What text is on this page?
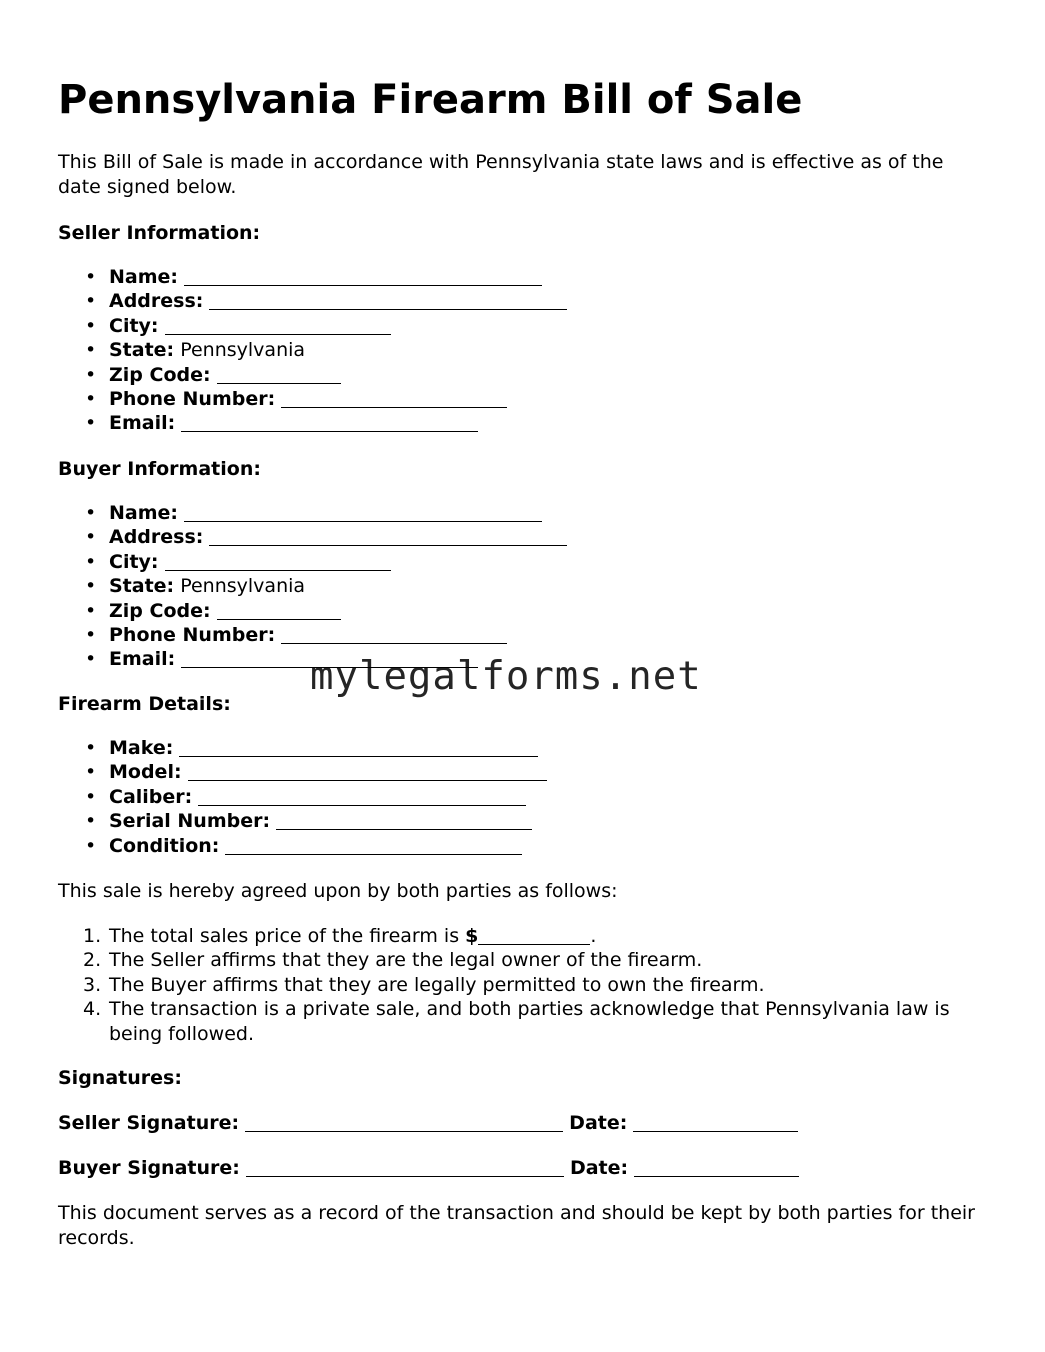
Pennsylvania Firearm Bill of Sale

This Bill of Sale is made in accordance with Pennsylvania state laws and is effective as of the date signed below.

Seller Information:

• Name:
• Address:
• City:
• State: Pennsylvania
• Zip Code:
• Phone Number:
• Email:

Buyer Information:

• Name:
• Address:
• City:
• State: Pennsylvania
• Zip Code:
• Phone Number:
• Email:

Firearm Details:

• Make:
• Model:
• Caliber:
• Serial Number:
• Condition:

This sale is hereby agreed upon by both parties as follows:

1. The total sales price of the firearm is $	.
2. The Seller affirms that they are the legal owner of the firearm.
3. The Buyer affirms that they are legally permitted to own the firearm.
4. The transaction is a private sale, and both parties acknowledge that Pennsylvania law is being followed.

Signatures:

Seller Signature:	Date:
Buyer Signature:	Date:

This document serves as a record of the transaction and should be kept by both parties for their records.

mylegalforms.net
